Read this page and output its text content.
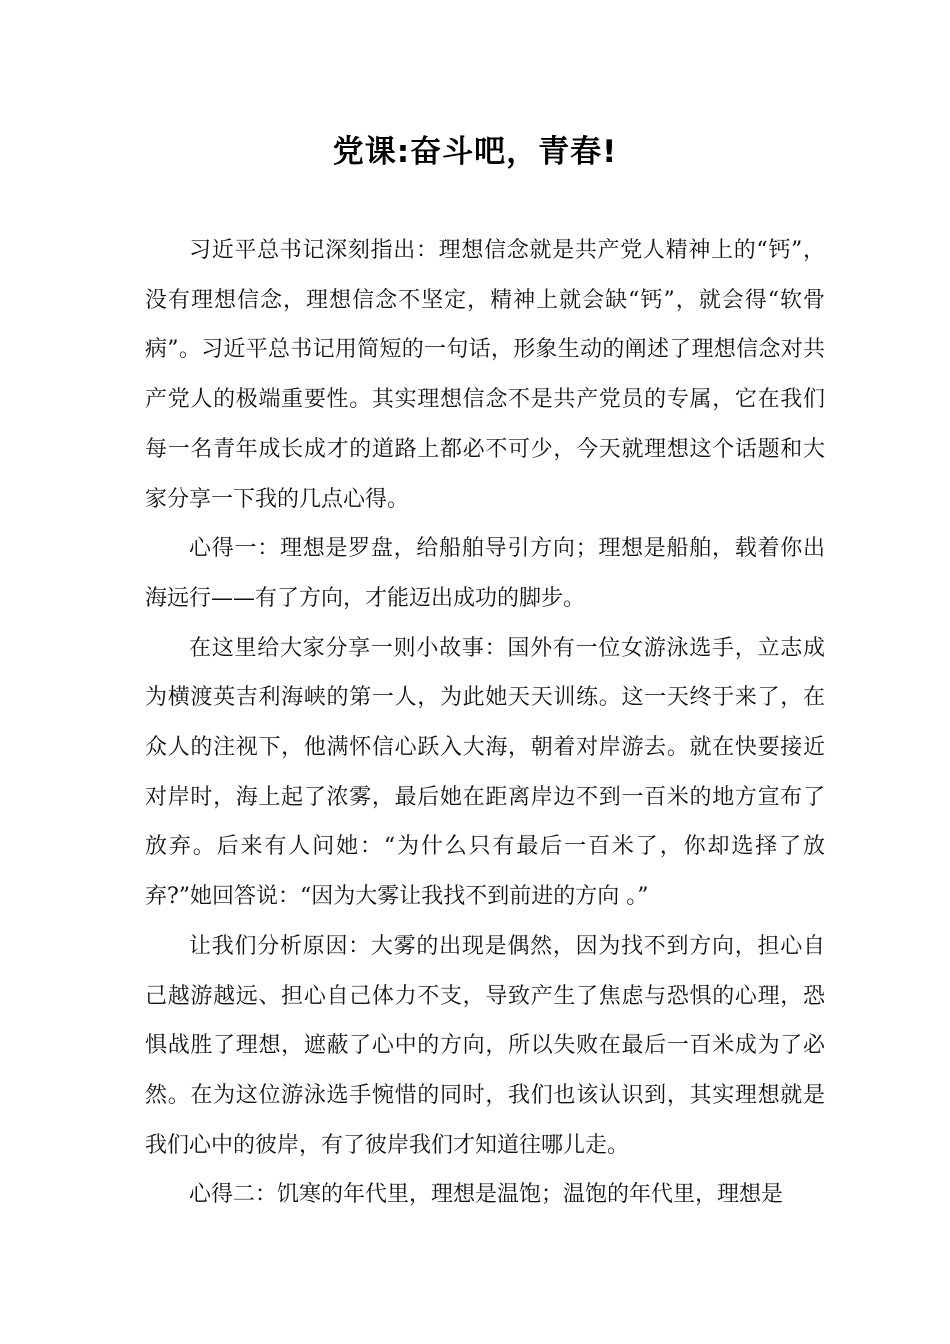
党课:奋斗吧，青春!

习近平总书记深刻指出：理想信念就是共产党人精神上的“钙”，没有理想信念，理想信念不坚定，精神上就会缺“钙”，就会得“软骨病”。习近平总书记用简短的一句话，形象生动的阐述了理想信念对共产党人的极端重要性。其实理想信念不是共产党员的专属，它在我们每一名青年成长成才的道路上都必不可少，今天就理想这个话题和大家分享一下我的几点心得。

心得一：理想是罗盘，给船舶导引方向；理想是船舶，载着你出海远行——有了方向，才能迈出成功的脚步。

在这里给大家分享一则小故事：国外有一位女游泳选手，立志成为横渡英吉利海峡的第一人，为此她天天训练。这一天终于来了，在众人的注视下，他满怀信心跃入大海，朝着对岸游去。就在快要接近对岸时，海上起了浓雾，最后她在距离岸边不到一百米的地方宣布了放弃。后来有人问她：“为什么只有最后一百米了，你却选择了放弃?”她回答说：“因为大雾让我找不到前进的方向 。”

让我们分析原因：大雾的出现是偶然，因为找不到方向，担心自己越游越远、担心自己体力不支，导致产生了焦虑与恐惧的心理，恐惧战胜了理想，遮蔽了心中的方向，所以失败在最后一百米成为了必然。在为这位游泳选手惋惜的同时，我们也该认识到，其实理想就是我们心中的彼岸，有了彼岸我们才知道往哪儿走。

心得二：饥寒的年代里，理想是温饱；温饱的年代里，理想是
